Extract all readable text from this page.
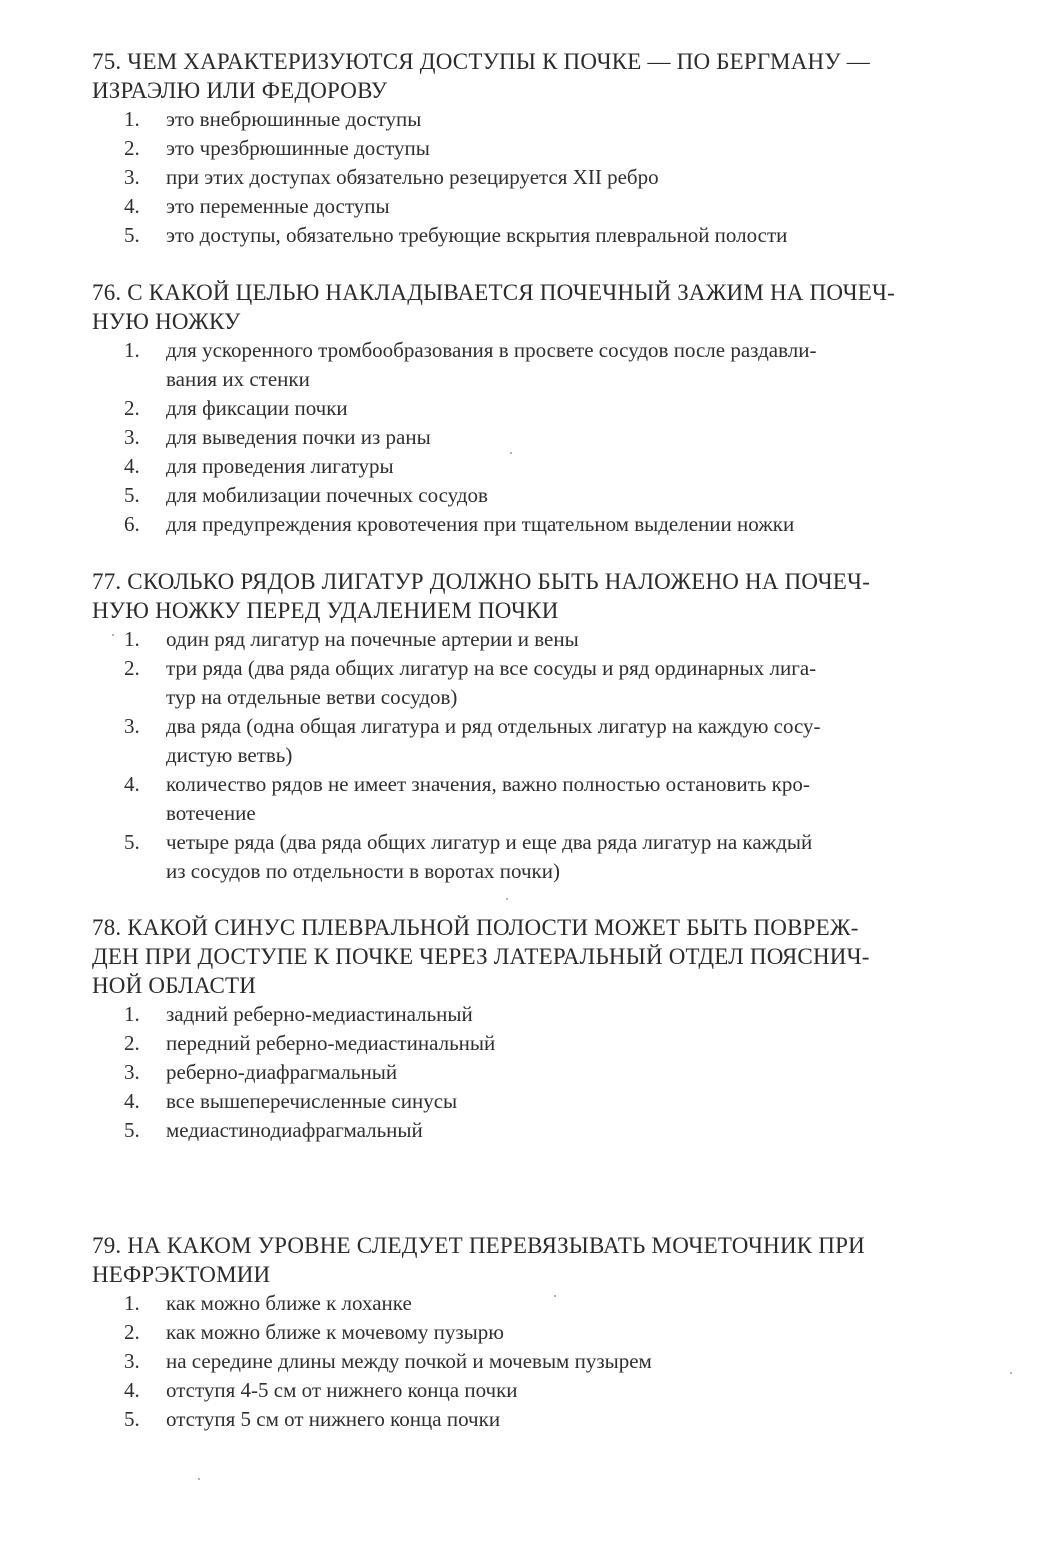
75. ЧЕМ ХАРАКТЕРИЗУЮТСЯ ДОСТУПЫ К ПОЧКЕ — ПО БЕРГМАНУ —
ИЗРАЭЛЮ ИЛИ ФЕДОРОВУ
1.	это внебрюшинные доступы
2.	это чрезбрюшинные доступы
3.	при этих доступах обязательно резецируется XII ребро
4.	это переменные доступы
5.	это доступы, обязательно требующие вскрытия плевральной полости
76. С КАКОЙ ЦЕЛЬЮ НАКЛАДЫВАЕТСЯ ПОЧЕЧНЫЙ ЗАЖИМ НА ПОЧЕЧ-
НУЮ НОЖКУ
1.	для ускоренного тромбообразования в просвете сосудов после раздавли-
вания их стенки
2.	для фиксации почки
3.	для выведения почки из раны
4.	для проведения лигатуры
5.	для мобилизации почечных сосудов
6.	для предупреждения кровотечения при тщательном выделении ножки
77. СКОЛЬКО РЯДОВ ЛИГАТУР ДОЛЖНО БЫТЬ НАЛОЖЕНО НА ПОЧЕЧ-
НУЮ НОЖКУ ПЕРЕД УДАЛЕНИЕМ ПОЧКИ
1.	один ряд лигатур на почечные артерии и вены
2.	три ряда (два ряда общих лигатур на все сосуды и ряд ординарных лига-
тур на отдельные ветви сосудов)
3.	два ряда (одна общая лигатура и ряд отдельных лигатур на каждую сосу-
дистую ветвь)
4.	количество рядов не имеет значения, важно полностью остановить кро-
вотечение
5.	четыре ряда (два ряда общих лигатур и еще два ряда лигатур на каждый
из сосудов по отдельности в воротах почки)
78. КАКОЙ СИНУС ПЛЕВРАЛЬНОЙ ПОЛОСТИ МОЖЕТ БЫТЬ ПОВРЕЖ-
ДЕН ПРИ ДОСТУПЕ К ПОЧКЕ ЧЕРЕЗ ЛАТЕРАЛЬНЫЙ ОТДЕЛ ПОЯСНИЧ-
НОЙ ОБЛАСТИ
1.	задний реберно-медиастинальный
2.	передний реберно-медиастинальный
3.	реберно-диафрагмальный
4.	все вышеперечисленные синусы
5.	медиастинодиафрагмальный
79. НА КАКОМ УРОВНЕ СЛЕДУЕТ ПЕРЕВЯЗЫВАТЬ МОЧЕТОЧНИК ПРИ
НЕФРЭКТОМИИ
1.	как можно ближе к лоханке
2.	как можно ближе к мочевому пузырю
3.	на середине длины между почкой и мочевым пузырем
4.	отступя 4-5 см от нижнего конца почки
5.	отступя 5 см от нижнего конца почки
